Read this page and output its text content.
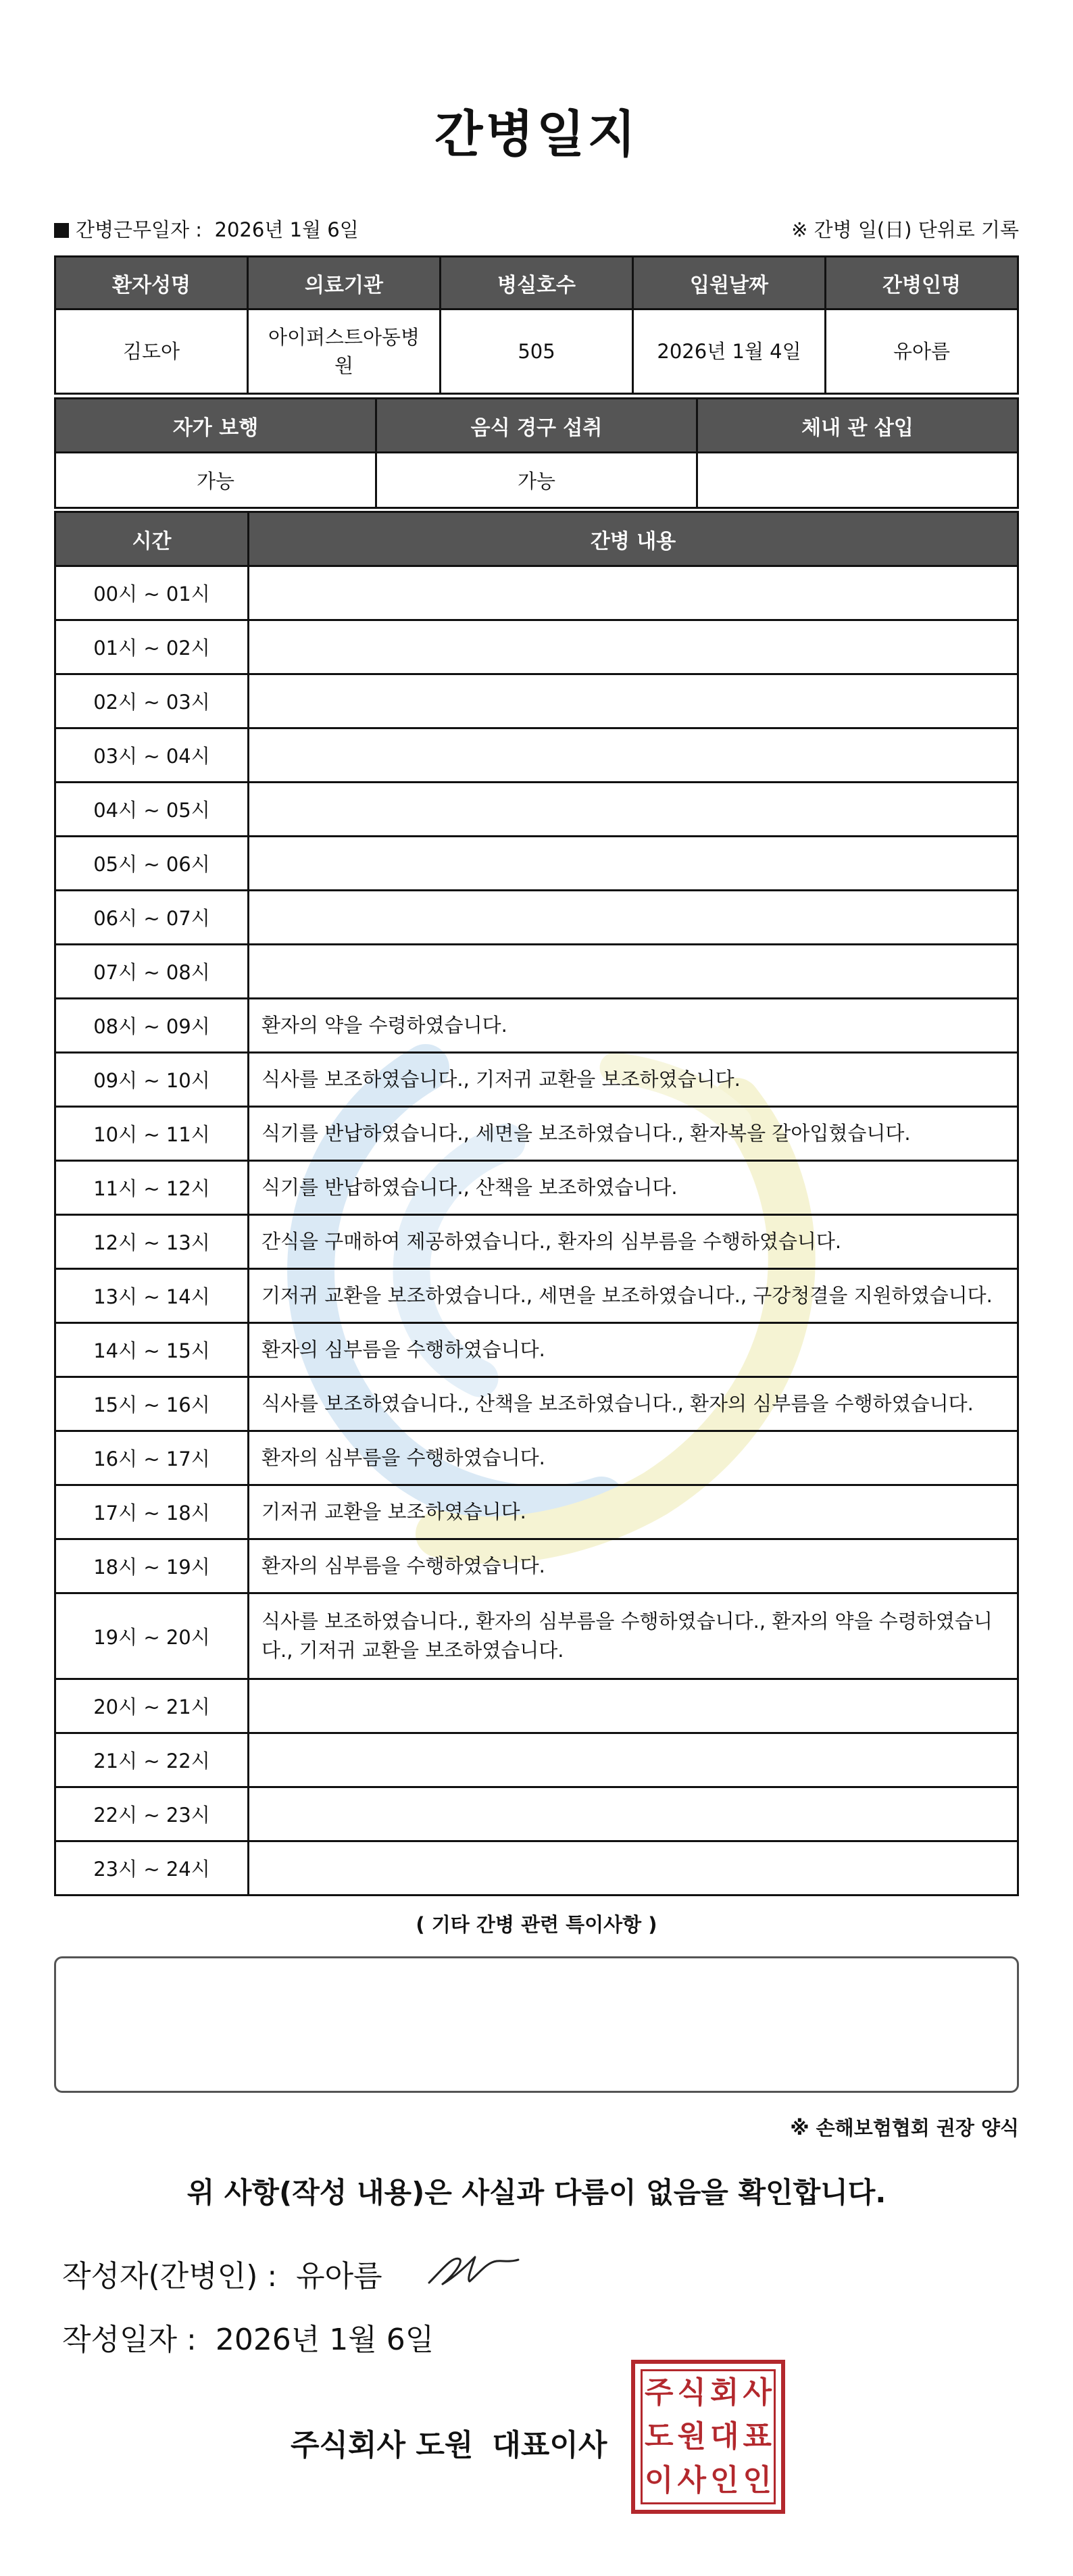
간병일지
간병근무일자 :  2026년 1월 6일	※ 간병 일(日) 단위로 기록
환자성명	의료기관	병실호수	입원날짜	간병인명
김도아	아이퍼스트아동병원	505	2026년 1월 4일	유아름
자가 보행	음식 경구 섭취	체내 관 삽입
가능	가능	
시간	간병 내용
00시 ~ 01시	
01시 ~ 02시	
02시 ~ 03시	
03시 ~ 04시	
04시 ~ 05시	
05시 ~ 06시	
06시 ~ 07시	
07시 ~ 08시	
08시 ~ 09시	환자의 약을 수령하였습니다.
09시 ~ 10시	식사를 보조하였습니다., 기저귀 교환을 보조하였습니다.
10시 ~ 11시	식기를 반납하였습니다., 세면을 보조하였습니다., 환자복을 갈아입혔습니다.
11시 ~ 12시	식기를 반납하였습니다., 산책을 보조하였습니다.
12시 ~ 13시	간식을 구매하여 제공하였습니다., 환자의 심부름을 수행하였습니다.
13시 ~ 14시	기저귀 교환을 보조하였습니다., 세면을 보조하였습니다., 구강청결을 지원하였습니다.
14시 ~ 15시	환자의 심부름을 수행하였습니다.
15시 ~ 16시	식사를 보조하였습니다., 산책을 보조하였습니다., 환자의 심부름을 수행하였습니다.
16시 ~ 17시	환자의 심부름을 수행하였습니다.
17시 ~ 18시	기저귀 교환을 보조하였습니다.
18시 ~ 19시	환자의 심부름을 수행하였습니다.
19시 ~ 20시	식사를 보조하였습니다., 환자의 심부름을 수행하였습니다., 환자의 약을 수령하였습니다., 기저귀 교환을 보조하였습니다.
20시 ~ 21시	
21시 ~ 22시	
22시 ~ 23시	
23시 ~ 24시	
( 기타 간병 관련 특이사항 )
※ 손해보험협회 권장 양식
위 사항(작성 내용)은 사실과 다름이 없음을 확인합니다.
작성자(간병인) : 유아름
작성일자 : 2026년 1월 6일
주식회사 도원 대표이사
주 식 회 사
도 원 대 표
이 사 인 인
